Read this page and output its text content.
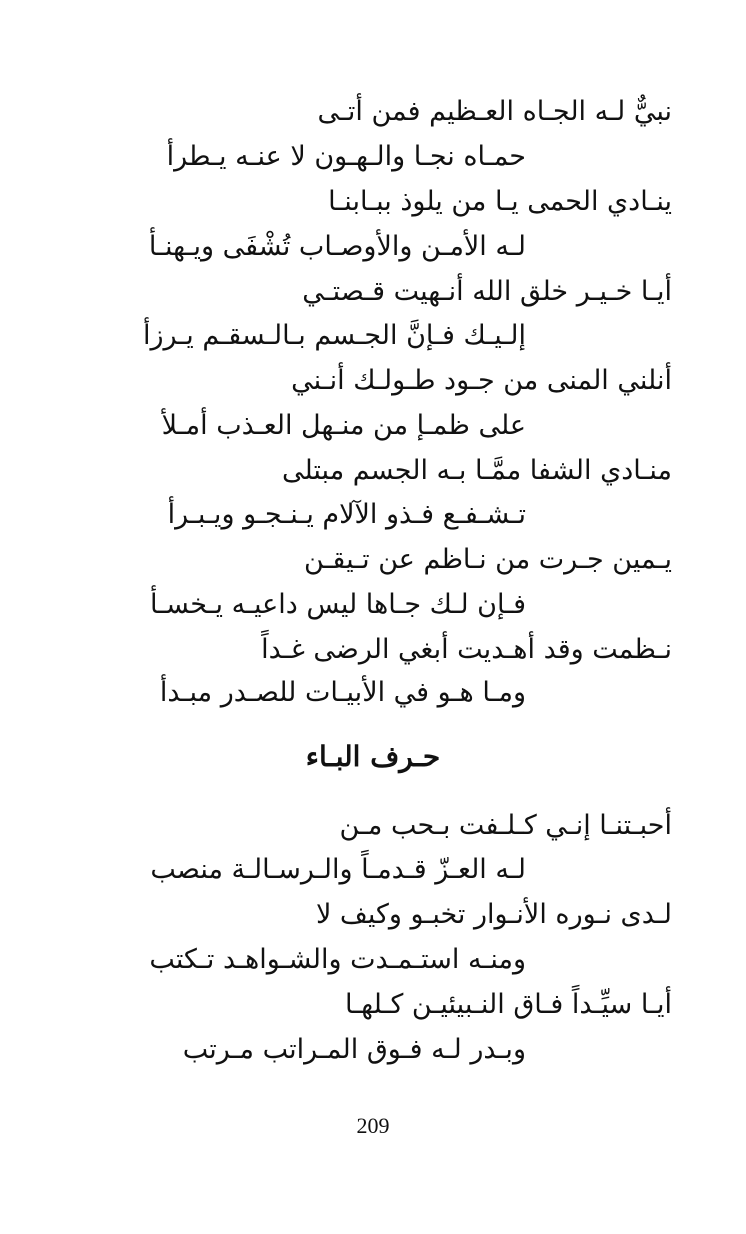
نبيٌّ لـه الجـاه العـظيم فمن أتـى
حمـاه نجـا والـهـون لا عنـه يـطرأ
ينـادي الحمى يـا من يلوذ ببـابنـا
لـه الأمـن والأوصـاب تُشْفَى ويـهنـأ
أيـا خـيـر خلق الله أنـهيت قـصتـي
إلـيـك فـإنَّ الجـسم بـالـسقـم يـرزأ
أنلني المنى من جـود طـولـك أنـني
على ظمـإ من منـهل العـذب أمـلأ
منـادي الشفا ممَّـا بـه الجسم مبتلى
تـشـفـع فـذو الآلام يـنـجـو ويـبـرأ
يـمين جـرت من نـاظم عن تـيقـن
فـإن لـك جـاها ليس داعيـه يـخسـأ
نـظمت وقد أهـديت أبغي الرضى غـداً
ومـا هـو في الأبيـات للصـدر مبـدأ
حـرف البـاء
أحبـتنـا إنـي كـلـفت بـحب مـن
لـه العـزّ قـدمـاً والـرسـالـة منصب
لـدى نـوره الأنـوار تخبـو وكيف لا
ومنـه استـمـدت والشـواهـد تـكتب
أيـا سيِّـداً فـاق النـبيئيـن كـلهـا
وبـدر لـه فـوق المـراتب مـرتب
209
